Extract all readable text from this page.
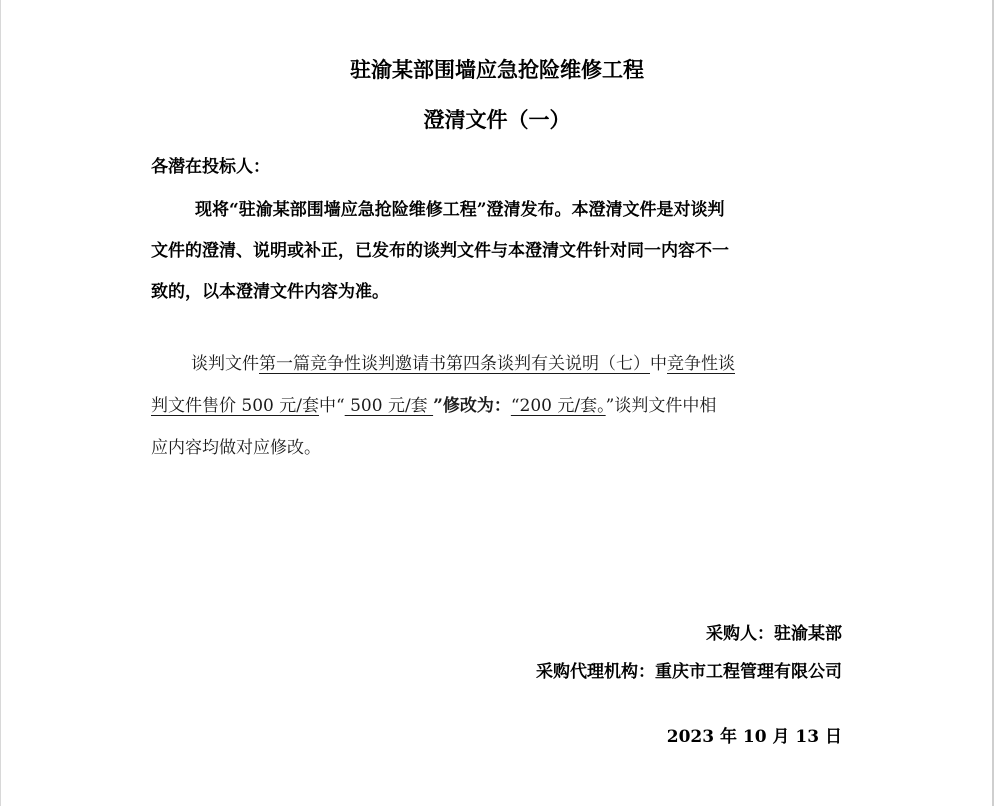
驻渝某部围墙应急抢险维修工程
澄清文件（一）
各潜在投标人：
现将“驻渝某部围墙应急抢险维修工程”澄清发布。本澄清文件是对谈判
文件的澄清、说明或补正，已发布的谈判文件与本澄清文件针对同一内容不一
致的，以本澄清文件内容为准。
谈判文件第一篇竞争性谈判邀请书第四条谈判有关说明（七）中竞争性谈
判文件售价 500 元/套中“ 500 元/套 ”修改为：“200 元/套。”谈判文件中相
应内容均做对应修改。
采购人：驻渝某部
采购代理机构：重庆市工程管理有限公司
2023 年 10 月 13 日
